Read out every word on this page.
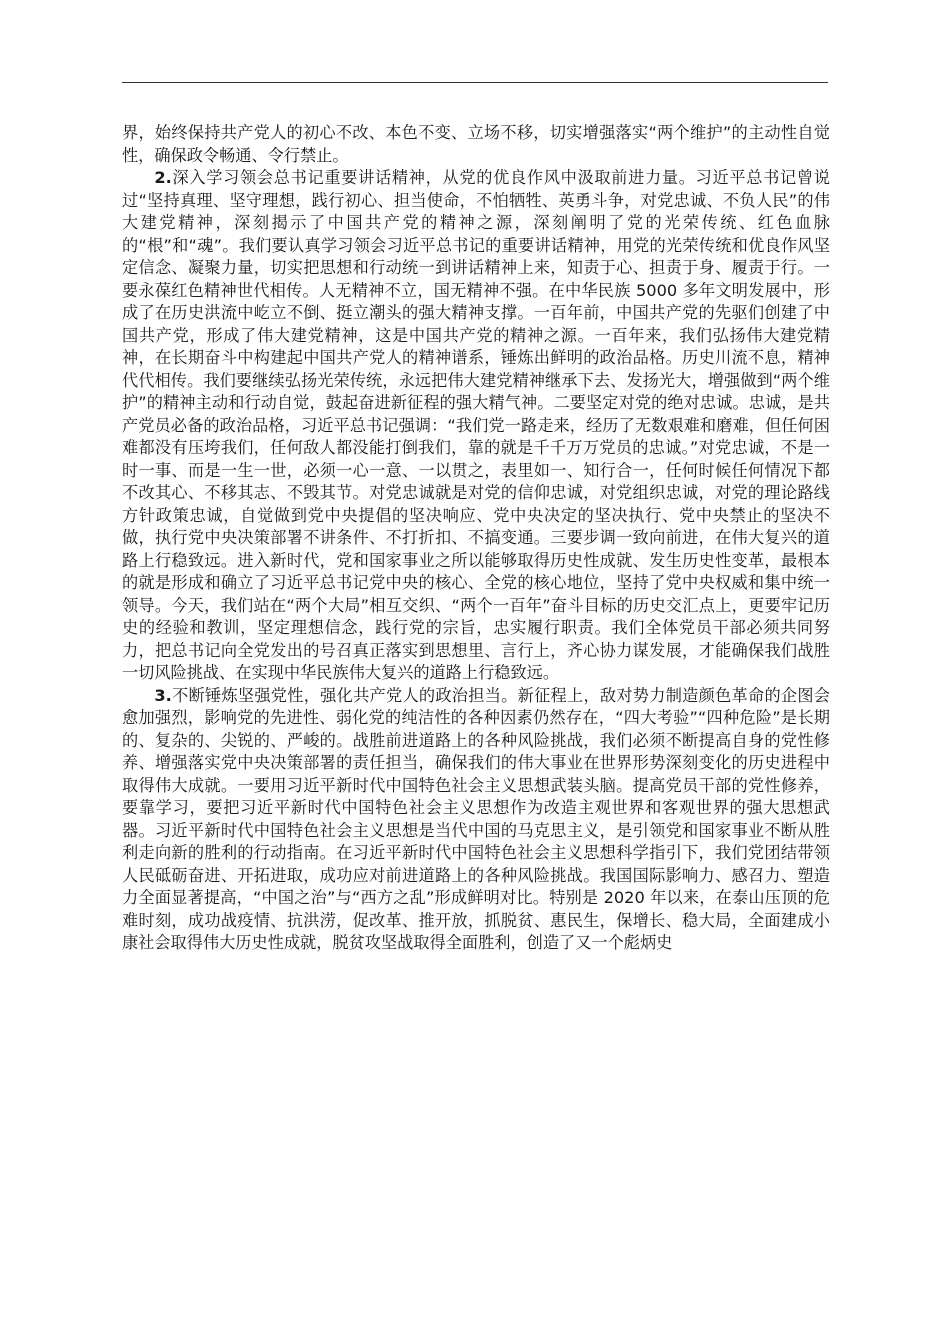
界，始终保持共产党人的初心不改、本色不变、立场不移，切实增强落实“两个维护”的主动性自觉性，确保政令畅通、令行禁止。

2.深入学习领会总书记重要讲话精神，从党的优良作风中汲取前进力量。习近平总书记曾说过“坚持真理、坚守理想，践行初心、担当使命，不怕牺牲、英勇斗争，对党忠诚、不负人民”的伟大建党精神，深刻揭示了中国共产党的精神之源，深刻阐明了党的光荣传统、红色血脉的“根”和“魂”。我们要认真学习领会习近平总书记的重要讲话精神，用党的光荣传统和优良作风坚定信念、凝聚力量，切实把思想和行动统一到讲话精神上来，知责于心、担责于身、履责于行。一要永葆红色精神世代相传。人无精神不立，国无精神不强。在中华民族 5000 多年文明发展中，形成了在历史洪流中屹立不倒、挺立潮头的强大精神支撑。一百年前，中国共产党的先驱们创建了中国共产党，形成了伟大建党精神，这是中国共产党的精神之源。一百年来，我们弘扬伟大建党精神，在长期奋斗中构建起中国共产党人的精神谱系，锤炼出鲜明的政治品格。历史川流不息，精神代代相传。我们要继续弘扬光荣传统，永远把伟大建党精神继承下去、发扬光大，增强做到“两个维护”的精神主动和行动自觉，鼓起奋进新征程的强大精气神。二要坚定对党的绝对忠诚。忠诚，是共产党员必备的政治品格，习近平总书记强调：“我们党一路走来，经历了无数艰难和磨难，但任何困难都没有压垮我们，任何敌人都没能打倒我们，靠的就是千千万万党员的忠诚。”对党忠诚，不是一时一事、而是一生一世，必须一心一意、一以贯之，表里如一、知行合一，任何时候任何情况下都不改其心、不移其志、不毁其节。对党忠诚就是对党的信仰忠诚，对党组织忠诚，对党的理论路线方针政策忠诚，自觉做到党中央提倡的坚决响应、党中央决定的坚决执行、党中央禁止的坚决不做，执行党中央决策部署不讲条件、不打折扣、不搞变通。三要步调一致向前进，在伟大复兴的道路上行稳致远。进入新时代，党和国家事业之所以能够取得历史性成就、发生历史性变革，最根本的就是形成和确立了习近平总书记党中央的核心、全党的核心地位，坚持了党中央权威和集中统一领导。今天，我们站在“两个大局”相互交织、“两个一百年”奋斗目标的历史交汇点上，更要牢记历史的经验和教训，坚定理想信念，践行党的宗旨，忠实履行职责。我们全体党员干部必须共同努力，把总书记向全党发出的号召真正落实到思想里、言行上，齐心协力谋发展，才能确保我们战胜一切风险挑战、在实现中华民族伟大复兴的道路上行稳致远。

3.不断锤炼坚强党性，强化共产党人的政治担当。新征程上，敌对势力制造颜色革命的企图会愈加强烈，影响党的先进性、弱化党的纯洁性的各种因素仍然存在，“四大考验”“四种危险”是长期的、复杂的、尖锐的、严峻的。战胜前进道路上的各种风险挑战，我们必须不断提高自身的党性修养、增强落实党中央决策部署的责任担当，确保我们的伟大事业在世界形势深刻变化的历史进程中取得伟大成就。一要用习近平新时代中国特色社会主义思想武装头脑。提高党员干部的党性修养，要靠学习，要把习近平新时代中国特色社会主义思想作为改造主观世界和客观世界的强大思想武器。习近平新时代中国特色社会主义思想是当代中国的马克思主义，是引领党和国家事业不断从胜利走向新的胜利的行动指南。在习近平新时代中国特色社会主义思想科学指引下，我们党团结带领人民砥砺奋进、开拓进取，成功应对前进道路上的各种风险挑战。我国国际影响力、感召力、塑造力全面显著提高，“中国之治”与“西方之乱”形成鲜明对比。特别是 2020 年以来，在泰山压顶的危难时刻，成功战疫情、抗洪涝，促改革、推开放，抓脱贫、惠民生，保增长、稳大局，全面建成小康社会取得伟大历史性成就，脱贫攻坚战取得全面胜利，创造了又一个彪炳史
